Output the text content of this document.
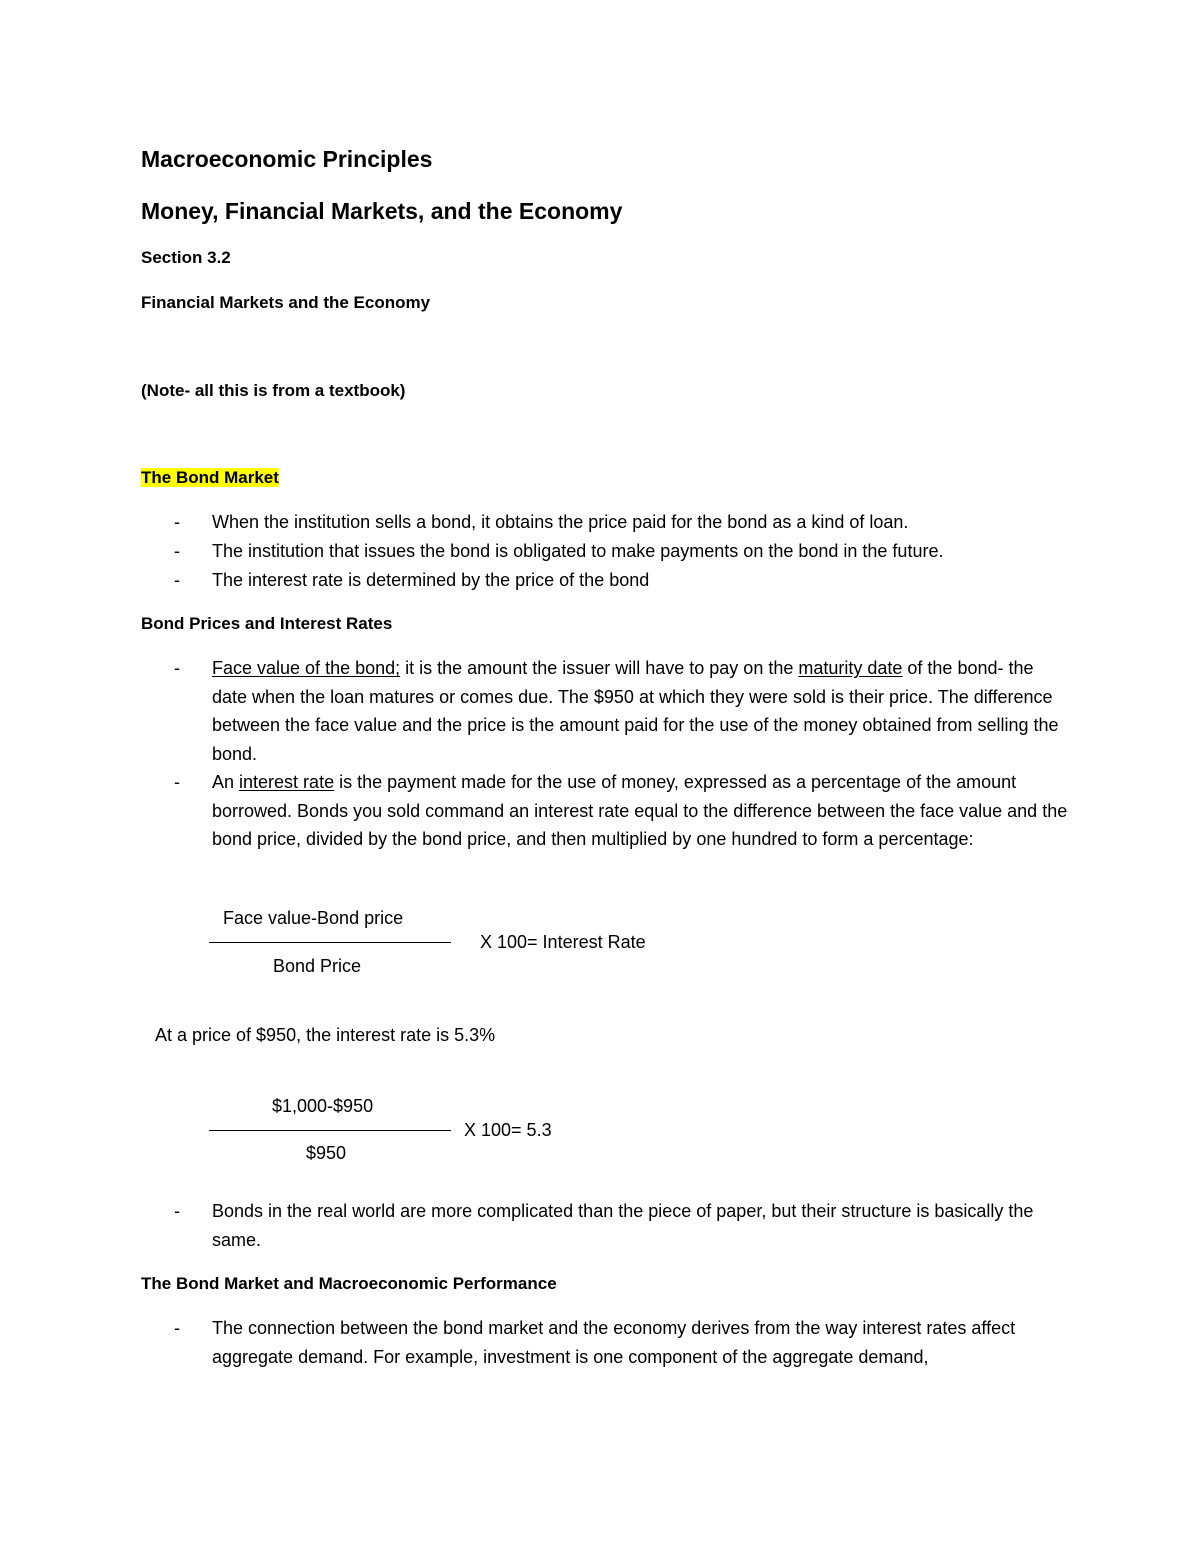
Macroeconomic Principles
Money, Financial Markets, and the Economy
Section 3.2
Financial Markets and the Economy
(Note- all this is from a textbook)
The Bond Market
- When the institution sells a bond, it obtains the price paid for the bond as a kind of loan.

- The institution that issues the bond is obligated to make payments on the bond in the future.

- The interest rate is determined by the price of the bond

Bond Prices and Interest Rates
- Face value of the bond; it is the amount the issuer will have to pay on the maturity date of the bond- the date when the loan matures or comes due. The $950 at which they were sold is their price. The difference between the face value and the price is the amount paid for the use of the money obtained from selling the bond.

- An interest rate is the payment made for the use of money, expressed as a percentage of the amount borrowed. Bonds you sold command an interest rate equal to the difference between the face value and the bond price, divided by the bond price, and then multiplied by one hundred to form a percentage:

Face value-Bond price
X 100= Interest Rate
Bond Price
At a price of $950, the interest rate is 5.3%
$1,000-$950
X 100= 5.3
$950
- Bonds in the real world are more complicated than the piece of paper, but their structure is basically the same.

The Bond Market and Macroeconomic Performance
- The connection between the bond market and the economy derives from the way interest rates affect aggregate demand. For example, investment is one component of the aggregate demand,
